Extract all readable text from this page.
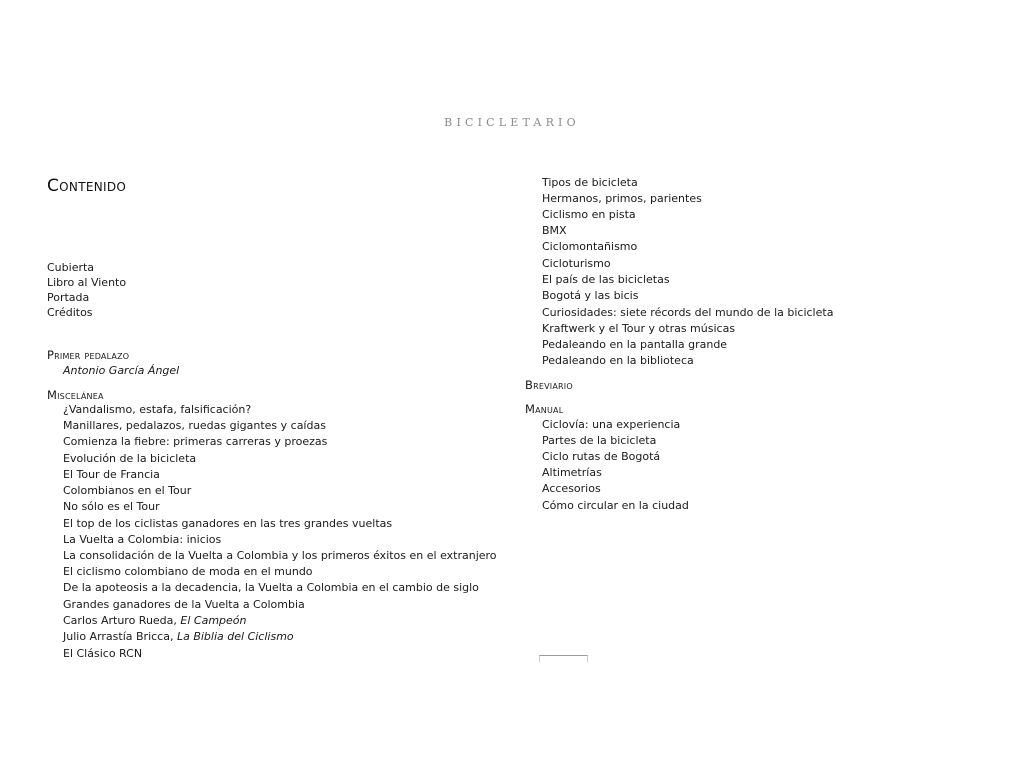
BICICLETARIO
Contenido
Cubierta
Libro al Viento
Portada
Créditos
Primer pedalazo
Antonio García Ángel
Miscelánea
¿Vandalismo, estafa, falsificación?
Manillares, pedalazos, ruedas gigantes y caídas
Comienza la fiebre: primeras carreras y proezas
Evolución de la bicicleta
El Tour de Francia
Colombianos en el Tour
No sólo es el Tour
El top de los ciclistas ganadores en las tres grandes vueltas
La Vuelta a Colombia: inicios
La consolidación de la Vuelta a Colombia y los primeros éxitos en el extranjero
El ciclismo colombiano de moda en el mundo
De la apoteosis a la decadencia, la Vuelta a Colombia en el cambio de siglo
Grandes ganadores de la Vuelta a Colombia
Carlos Arturo Rueda, El Campeón
Julio Arrastía Bricca, La Biblia del Ciclismo
El Clásico RCN
Tipos de bicicleta
Hermanos, primos, parientes
Ciclismo en pista
BMX
Ciclomontañismo
Cicloturismo
El país de las bicicletas
Bogotá y las bicis
Curiosidades: siete récords del mundo de la bicicleta
Kraftwerk y el Tour y otras músicas
Pedaleando en la pantalla grande
Pedaleando en la biblioteca
Breviario
Manual
Ciclovía: una experiencia
Partes de la bicicleta
Ciclo rutas de Bogotá
Altimetrías
Accesorios
Cómo circular en la ciudad
